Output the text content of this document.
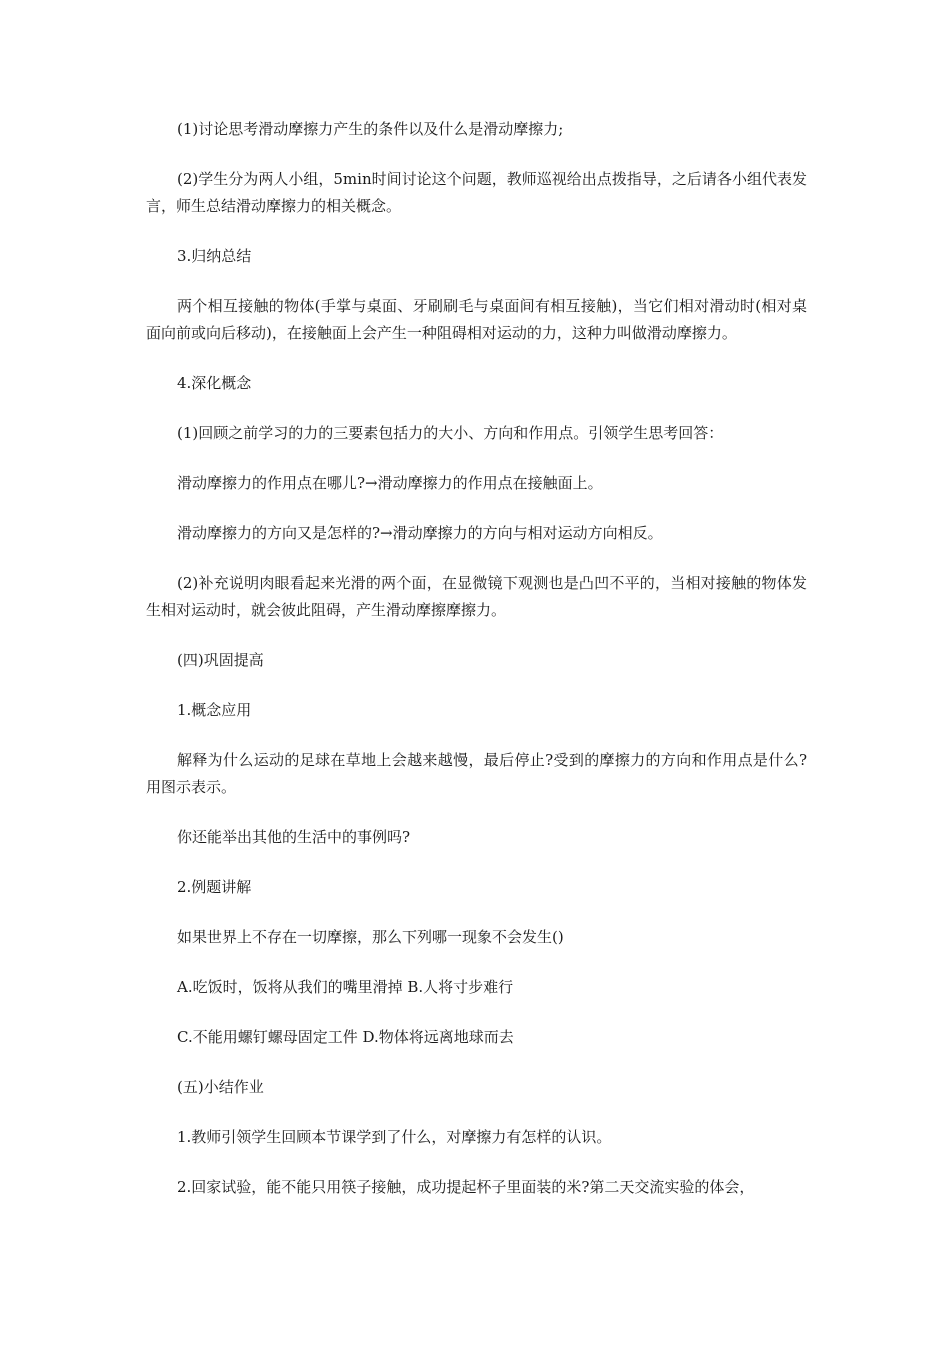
(1)讨论思考滑动摩擦力产生的条件以及什么是滑动摩擦力;

(2)学生分为两人小组，5min时间讨论这个问题，教师巡视给出点拨指导，之后请各小组代表发言，师生总结滑动摩擦力的相关概念。

3.归纳总结

两个相互接触的物体(手掌与桌面、牙刷刷毛与桌面间有相互接触)，当它们相对滑动时(相对桌面向前或向后移动)，在接触面上会产生一种阻碍相对运动的力，这种力叫做滑动摩擦力。

4.深化概念

(1)回顾之前学习的力的三要素包括力的大小、方向和作用点。引领学生思考回答：

滑动摩擦力的作用点在哪儿?→滑动摩擦力的作用点在接触面上。

滑动摩擦力的方向又是怎样的?→滑动摩擦力的方向与相对运动方向相反。

(2)补充说明肉眼看起来光滑的两个面，在显微镜下观测也是凸凹不平的，当相对接触的物体发生相对运动时，就会彼此阻碍，产生滑动摩擦摩擦力。

(四)巩固提高

1.概念应用

解释为什么运动的足球在草地上会越来越慢，最后停止?受到的摩擦力的方向和作用点是什么?用图示表示。

你还能举出其他的生活中的事例吗?

2.例题讲解

如果世界上不存在一切摩擦，那么下列哪一现象不会发生()

A.吃饭时，饭将从我们的嘴里滑掉 B.人将寸步难行

C.不能用螺钉螺母固定工件 D.物体将远离地球而去

(五)小结作业

1.教师引领学生回顾本节课学到了什么，对摩擦力有怎样的认识。

2.回家试验，能不能只用筷子接触，成功提起杯子里面装的米?第二天交流实验的体会，
